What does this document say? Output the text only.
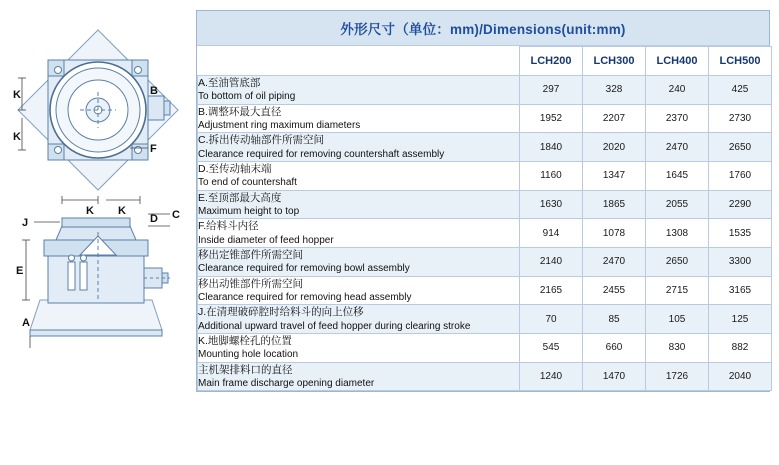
B
K
K
K K	C
D
J
E
A
F
外形尺寸（单位：mm)/Dimensions(unit:mm)
	LCH200	LCH300	LCH400	LCH500

A.至油管底部
To bottom of oil piping	297	328	240	425

B.调整环最大直径
Adjustment ring maximum diameters	1952	2207	2370	2730

C.拆出传动轴部件所需空间
Clearance required for removing countershaft assembly	1840	2020	2470	2650

D.至传动轴末端
To end of countershaft	1160	1347	1645	1760

E.至顶部最大高度
Maximum height to top	1630	1865	2055	2290

F.给料斗内径
Inside diameter of feed hopper	914	1078	1308	1535

移出定锥部件所需空间
Clearance required for removing bowl assembly	2140	2470	2650	3300

移出动锥部件所需空间
Clearance required for removing head assembly	2165	2455	2715	3165

J.在清理破碎腔时给料斗的向上位移
Additional upward travel of feed hopper during clearing stroke	70	85	105	125

K.地脚螺栓孔的位置
Mounting hole location	545	660	830	882

主机架排料口的直径
Main frame discharge opening diameter	1240	1470	1726	2040
